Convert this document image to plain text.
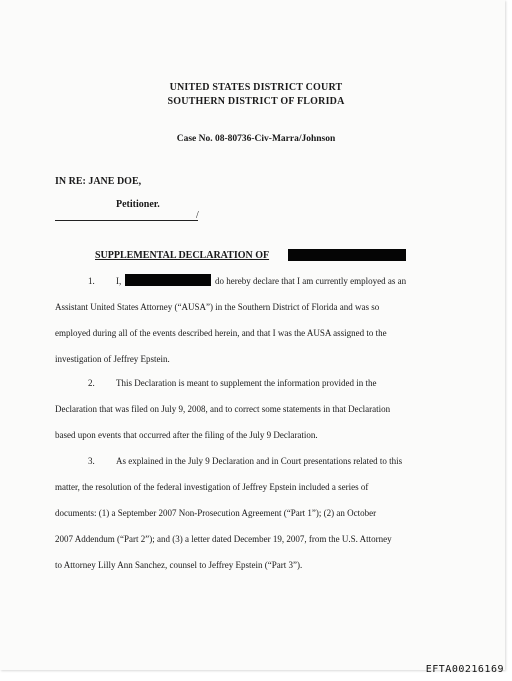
UNITED STATES DISTRICT COURT
SOUTHERN DISTRICT OF FLORIDA
Case No. 08-80736-Civ-Marra/Johnson
IN RE: JANE DOE,
Petitioner.
/
SUPPLEMENTAL DECLARATION OF
1. I,	do hereby declare that I am currently employed as an
Assistant United States Attorney (“AUSA”) in the Southern District of Florida and was so
employed during all of the events described herein, and that I was the AUSA assigned to the
investigation of Jeffrey Epstein.
2. This Declaration is meant to supplement the information provided in the
Declaration that was filed on July 9, 2008, and to correct some statements in that Declaration
based upon events that occurred after the filing of the July 9 Declaration.
3. As explained in the July 9 Declaration and in Court presentations related to this
matter, the resolution of the federal investigation of Jeffrey Epstein included a series of
documents: (1) a September 2007 Non-Prosecution Agreement (“Part 1”); (2) an October
2007 Addendum (“Part 2”); and (3) a letter dated December 19, 2007, from the U.S. Attorney
to Attorney Lilly Ann Sanchez, counsel to Jeffrey Epstein (“Part 3”).
EFTA00216169
